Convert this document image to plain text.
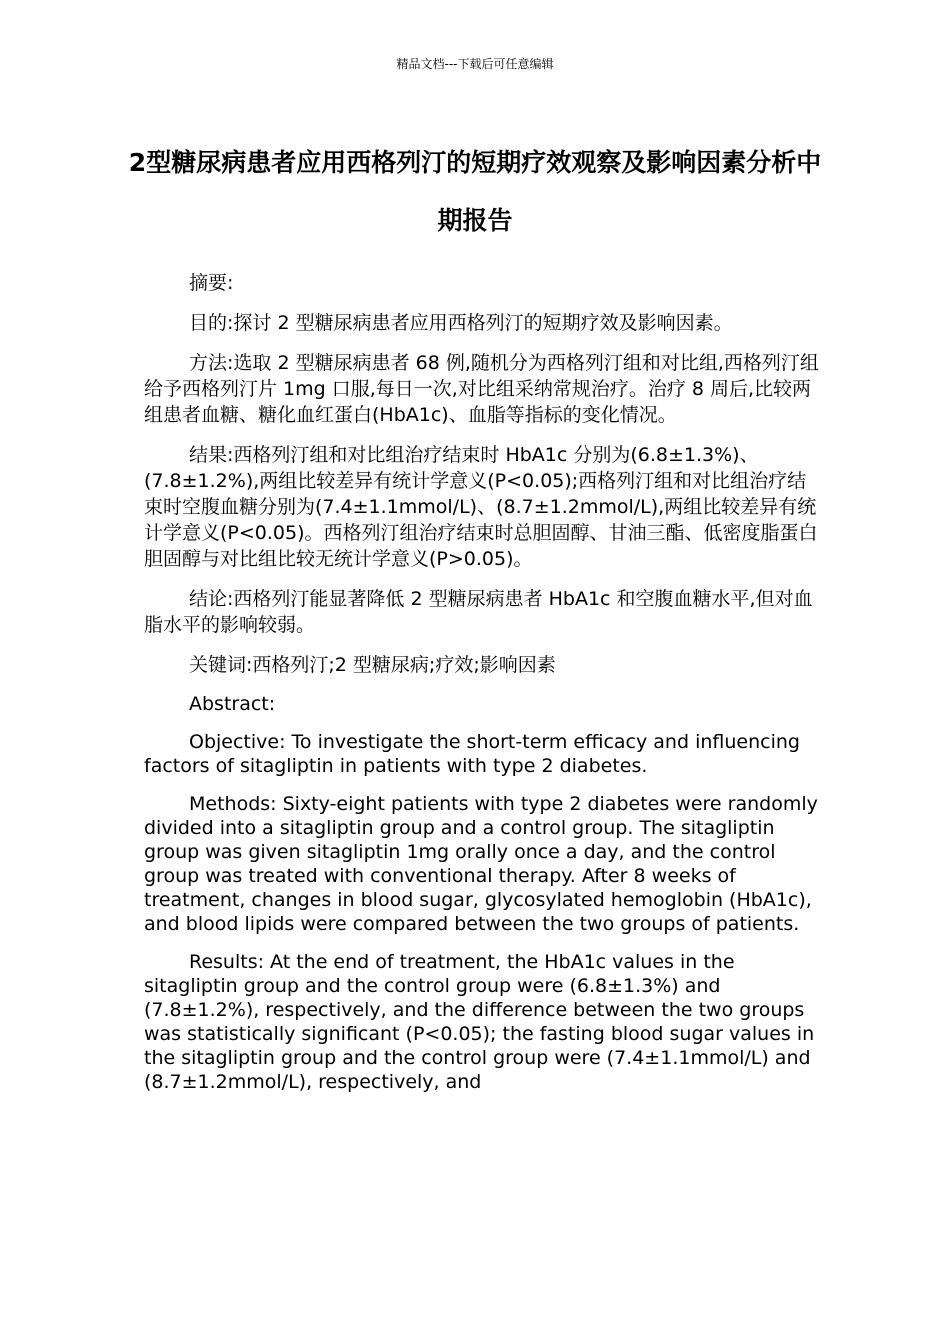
精品文档---下载后可任意编辑
2型糖尿病患者应用西格列汀的短期疗效观察及影响因素分析中期报告

摘要:

目的:探讨 2 型糖尿病患者应用西格列汀的短期疗效及影响因素。

方法:选取 2 型糖尿病患者 68 例,随机分为西格列汀组和对比组,西格列汀组给予西格列汀片 1mg 口服,每日一次,对比组采纳常规治疗。治疗 8 周后,比较两组患者血糖、糖化血红蛋白(HbA1c)、血脂等指标的变化情况。

结果:西格列汀组和对比组治疗结束时 HbA1c 分别为(6.8±1.3%)、(7.8±1.2%),两组比较差异有统计学意义(P<0.05);西格列汀组和对比组治疗结束时空腹血糖分别为(7.4±1.1mmol/L)、(8.7±1.2mmol/L),两组比较差异有统计学意义(P<0.05)。西格列汀组治疗结束时总胆固醇、甘油三酯、低密度脂蛋白胆固醇与对比组比较无统计学意义(P>0.05)。

结论:西格列汀能显著降低 2 型糖尿病患者 HbA1c 和空腹血糖水平,但对血脂水平的影响较弱。

关键词:西格列汀;2 型糖尿病;疗效;影响因素

Abstract:

Objective: To investigate the short-term efficacy and influencing factors of sitagliptin in patients with type 2 diabetes.

Methods: Sixty-eight patients with type 2 diabetes were randomly divided into a sitagliptin group and a control group. The sitagliptin group was given sitagliptin 1mg orally once a day, and the control group was treated with conventional therapy. After 8 weeks of treatment, changes in blood sugar, glycosylated hemoglobin (HbA1c), and blood lipids were compared between the two groups of patients.

Results: At the end of treatment, the HbA1c values in the sitagliptin group and the control group were (6.8±1.3%) and (7.8±1.2%), respectively, and the difference between the two groups was statistically significant (P<0.05); the fasting blood sugar values in the sitagliptin group and the control group were (7.4±1.1mmol/L) and (8.7±1.2mmol/L), respectively, and
